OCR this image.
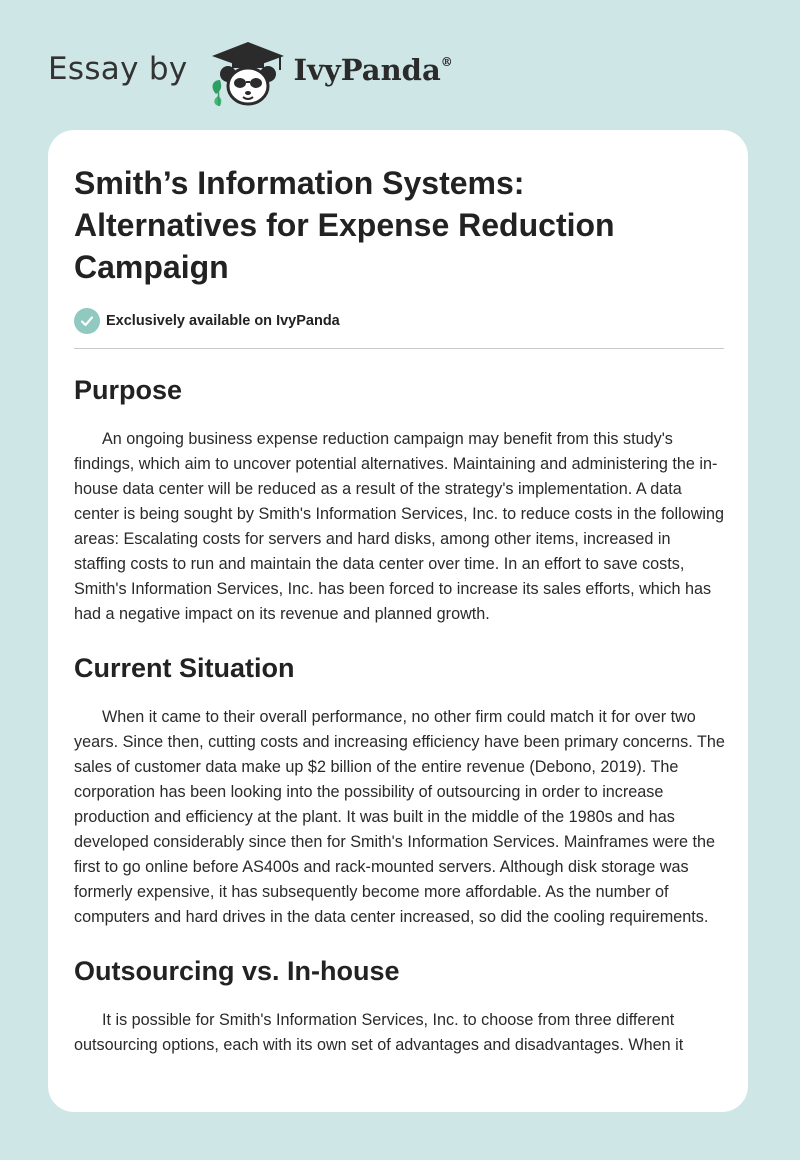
Essay by	IvyPanda®
Smith’s Information Systems: Alternatives for Expense Reduction Campaign
Exclusively available on IvyPanda
Purpose

An ongoing business expense reduction campaign may benefit from this study's findings, which aim to uncover potential alternatives. Maintaining and administering the in-house data center will be reduced as a result of the strategy's implementation. A data center is being sought by Smith's Information Services, Inc. to reduce costs in the following areas: Escalating costs for servers and hard disks, among other items, increased in staffing costs to run and maintain the data center over time. In an effort to save costs, Smith's Information Services, Inc. has been forced to increase its sales efforts, which has had a negative impact on its revenue and planned growth.

Current Situation

When it came to their overall performance, no other firm could match it for over two years. Since then, cutting costs and increasing efficiency have been primary concerns. The sales of customer data make up $2 billion of the entire revenue (Debono, 2019). The corporation has been looking into the possibility of outsourcing in order to increase production and efficiency at the plant. It was built in the middle of the 1980s and has developed considerably since then for Smith's Information Services. Mainframes were the first to go online before AS400s and rack-mounted servers. Although disk storage was formerly expensive, it has subsequently become more affordable. As the number of computers and hard drives in the data center increased, so did the cooling requirements.

Outsourcing vs. In-house

It is possible for Smith's Information Services, Inc. to choose from three different outsourcing options, each with its own set of advantages and disadvantages. When it
